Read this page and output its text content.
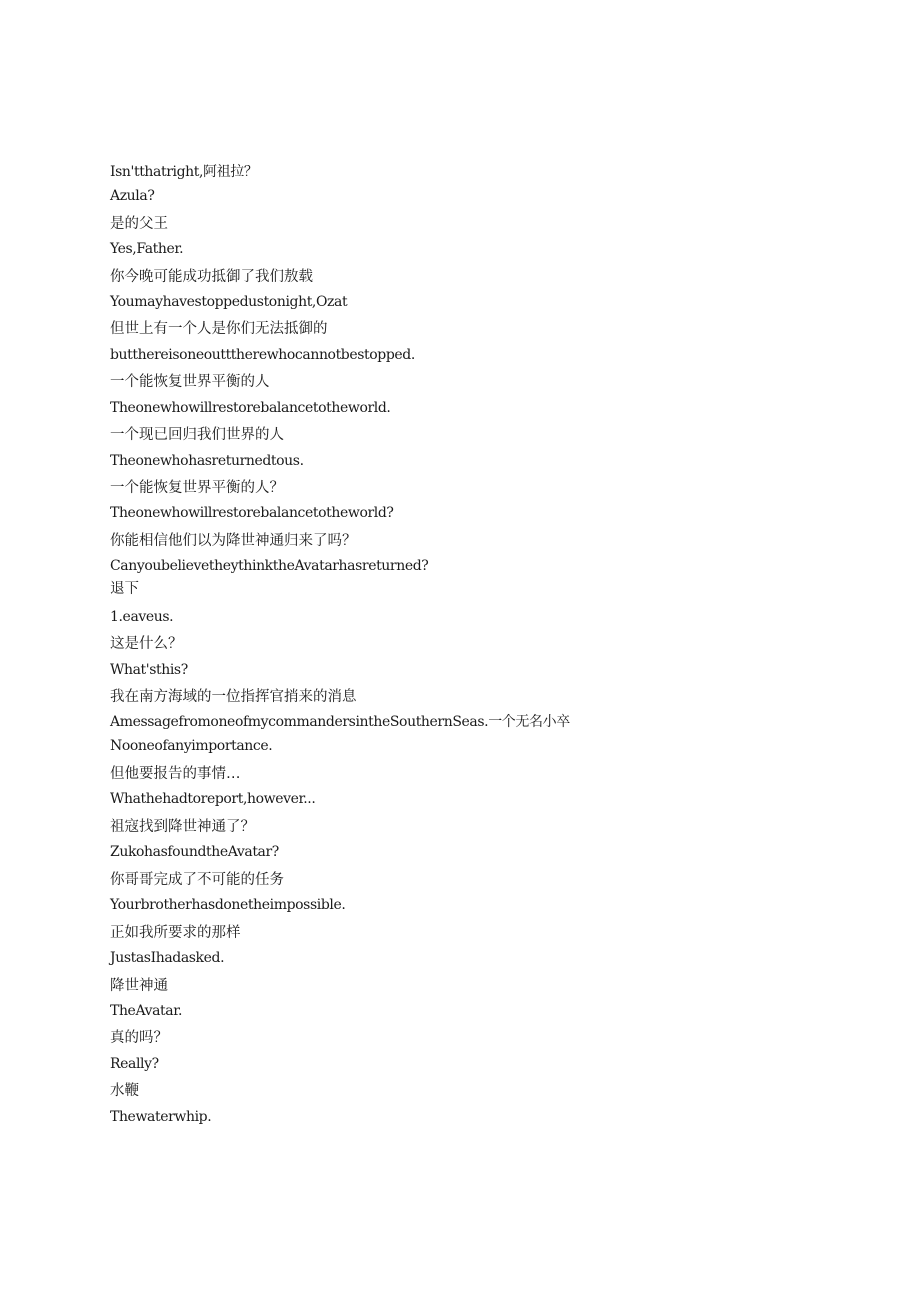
Isn'tthatright,阿祖拉？
Azula?
是的父王
Yes,Father.
你今晚可能成功抵御了我们敖载
Youmayhavestoppedustonight,Ozat
但世上有一个人是你们无法抵御的
butthereisoneoutttherewhocannotbestopped.
一个能恢复世界平衡的人
Theonewhowillrestorebalancetotheworld.
一个现已回归我们世界的人
Theonewhohasreturnedtous.
一个能恢复世界平衡的人？
Theonewhowillrestorebalancetotheworld?
你能相信他们以为降世神通归来了吗？
CanyoubelievetheythinktheAvatarhasreturned?
退下
1.eaveus.
这是什么？
What'sthis?
我在南方海域的一位指挥官捎来的消息
AmessagefromoneofmycommandersintheSouthernSeas.一个无名小卒
Nooneofanyimportance.
但他要报告的事情…
Whathehadtoreport,however...
祖寇找到降世神通了？
ZukohasfoundtheAvatar?
你哥哥完成了不可能的任务
Yourbrotherhasdonetheimpossible.
正如我所要求的那样
JustasIhadasked.
降世神通
TheAvatar.
真的吗？
Really?
水鞭
Thewaterwhip.
